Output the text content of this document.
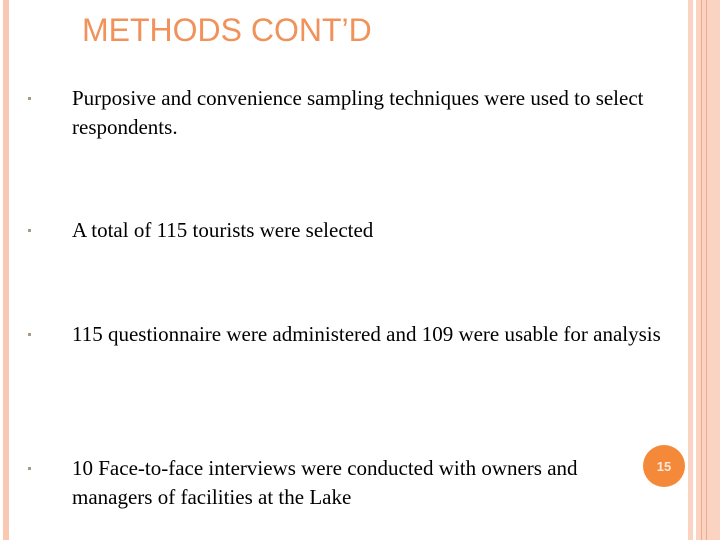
METHODS CONT’D
Purposive and convenience sampling techniques were used to select respondents.
A total of 115 tourists were selected
115 questionnaire were administered and 109 were usable for analysis
10 Face-to-face interviews were conducted with owners and managers of facilities at the Lake
15
